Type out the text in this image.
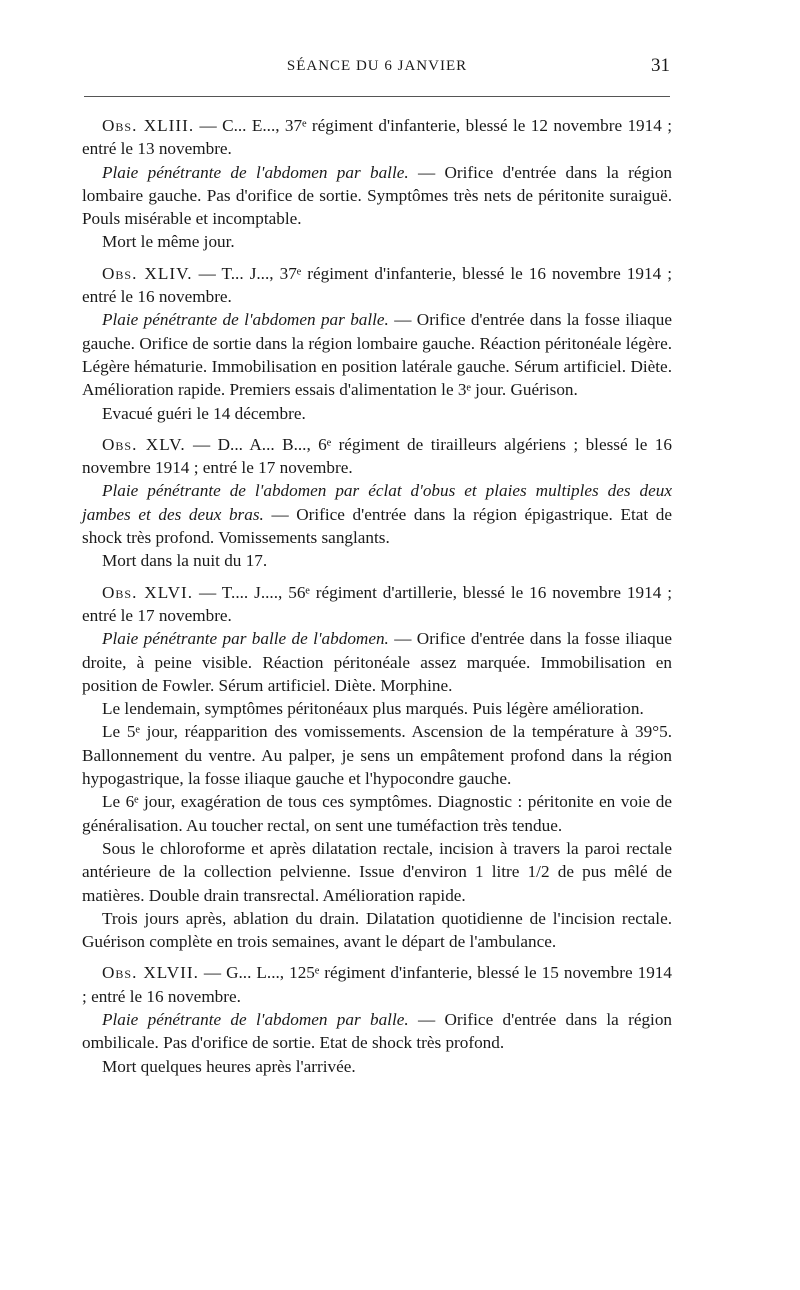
SÉANCE DU 6 JANVIER	31

Obs. XLIII. — C... E..., 37ᵉ régiment d'infanterie, blessé le 12 novembre 1914 ; entré le 13 novembre.

Plaie pénétrante de l'abdomen par balle. — Orifice d'entrée dans la région lombaire gauche. Pas d'orifice de sortie. Symptômes très nets de péritonite suraiguë. Pouls misérable et incomptable.

Mort le même jour.

Obs. XLIV. — T... J..., 37ᵉ régiment d'infanterie, blessé le 16 novembre 1914 ; entré le 16 novembre.

Plaie pénétrante de l'abdomen par balle. — Orifice d'entrée dans la fosse iliaque gauche. Orifice de sortie dans la région lombaire gauche. Réaction péritonéale légère. Légère hématurie. Immobilisation en position latérale gauche. Sérum artificiel. Diète. Amélioration rapide. Premiers essais d'alimentation le 3ᵉ jour. Guérison.

Evacué guéri le 14 décembre.

Obs. XLV. — D... A... B..., 6ᵉ régiment de tirailleurs algériens ; blessé le 16 novembre 1914 ; entré le 17 novembre.

Plaie pénétrante de l'abdomen par éclat d'obus et plaies multiples des deux jambes et des deux bras. — Orifice d'entrée dans la région épigastrique. Etat de shock très profond. Vomissements sanglants.

Mort dans la nuit du 17.

Obs. XLVI. — T.... J...., 56ᵉ régiment d'artillerie, blessé le 16 novembre 1914 ; entré le 17 novembre.

Plaie pénétrante par balle de l'abdomen. — Orifice d'entrée dans la fosse iliaque droite, à peine visible. Réaction péritonéale assez marquée. Immobilisation en position de Fowler. Sérum artificiel. Diète. Morphine.

Le lendemain, symptômes péritonéaux plus marqués. Puis légère amélioration.

Le 5ᵉ jour, réapparition des vomissements. Ascension de la température à 39°5. Ballonnement du ventre. Au palper, je sens un empâtement profond dans la région hypogastrique, la fosse iliaque gauche et l'hypocondre gauche.

Le 6ᵉ jour, exagération de tous ces symptômes. Diagnostic : péritonite en voie de généralisation. Au toucher rectal, on sent une tuméfaction très tendue.

Sous le chloroforme et après dilatation rectale, incision à travers la paroi rectale antérieure de la collection pelvienne. Issue d'environ 1 litre 1/2 de pus mêlé de matières. Double drain transrectal. Amélioration rapide.

Trois jours après, ablation du drain. Dilatation quotidienne de l'incision rectale. Guérison complète en trois semaines, avant le départ de l'ambulance.

Obs. XLVII. — G... L..., 125ᵉ régiment d'infanterie, blessé le 15 novembre 1914 ; entré le 16 novembre.

Plaie pénétrante de l'abdomen par balle. — Orifice d'entrée dans la région ombilicale. Pas d'orifice de sortie. Etat de shock très profond.

Mort quelques heures après l'arrivée.
